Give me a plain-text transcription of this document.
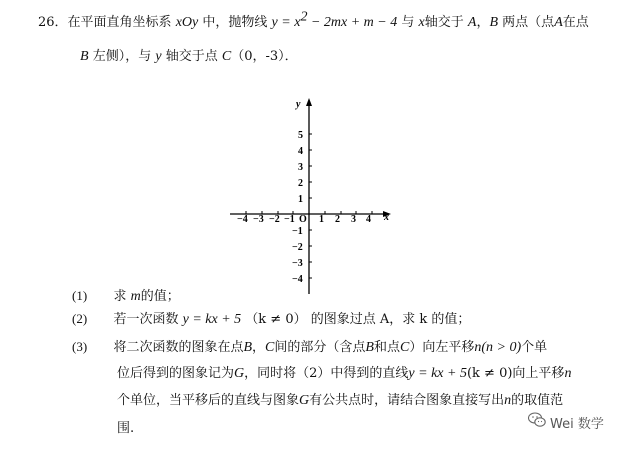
26．在平面直角坐标系 xOy 中，抛物线 $y = x^2 - 2mx + m - 4$ 与 x轴交于 A，B 两点（点A在点
B 左侧），与 y 轴交于点 C（0，-3）．
y
x
O
−4 −3 −2 −1 1 2 3 4
5
4
3
2
1
−1
−2
−3
−4
(1) 求 m的值；
(2) 若一次函数 y = kx + 5 （k ≠ 0） 的图象过点 A，求 k 的值；
(3) 将二次函数的图象在点B，C间的部分（含点B和点C）向左平移n(n > 0)个单
位后得到的图象记为G，同时将（2）中得到的直线y = kx + 5(k ≠ 0)向上平移n
个单位，当平移后的直线与图象G有公共点时，请结合图象直接写出n的取值范
围.	Wei 数学
